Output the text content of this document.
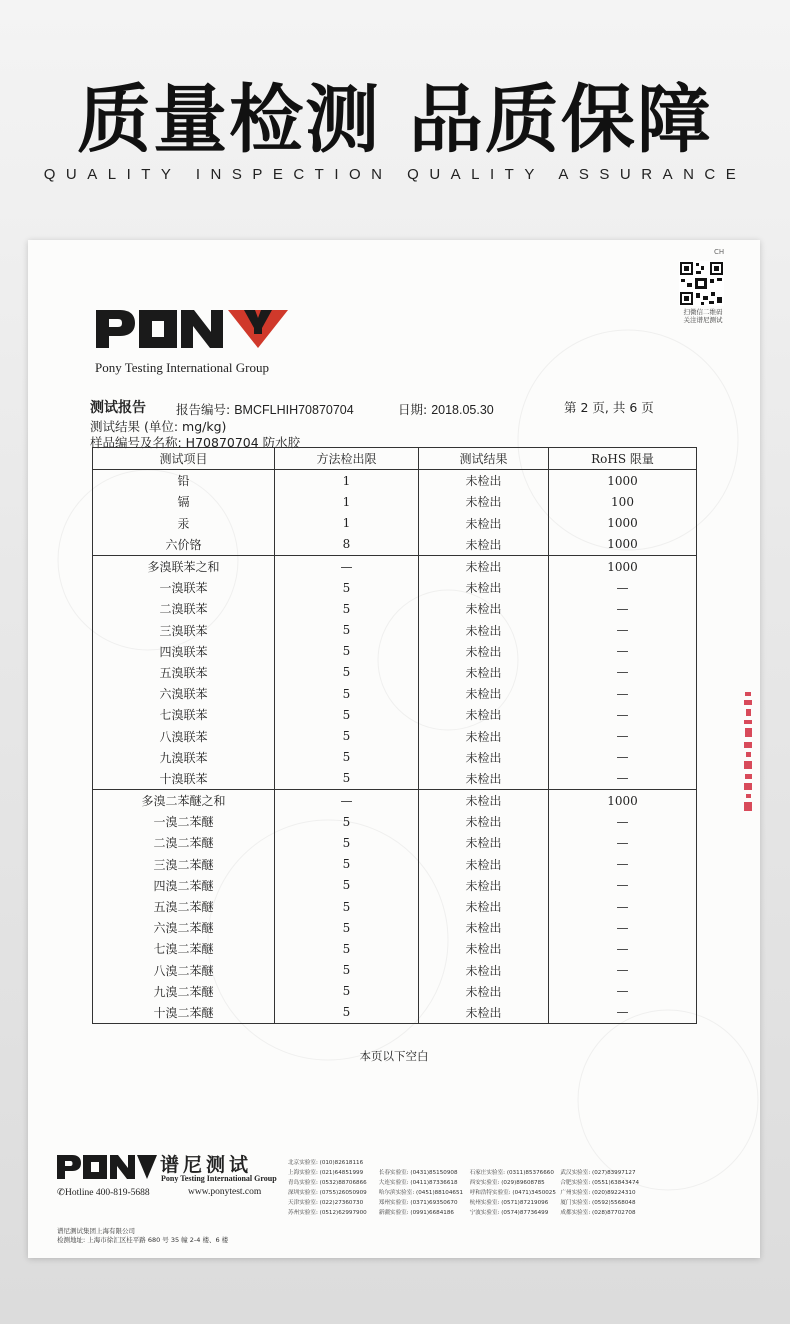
质量检测 品质保障
QUALITY INSPECTION QUALITY ASSURANCE
CH
扫微信二维码
关注谱尼测试
Pony Testing International Group
测试报告 报告编号: BMCFLHIH70870704	日期: 2018.05.30	第 2 页, 共 6 页
测试结果 (单位: mg/kg)
样品编号及名称: H70870704 防水胶
测试项目	方法检出限	测试结果	RoHS 限量
铅	1	未检出	1000
镉	1	未检出	100
汞	1	未检出	1000
六价铬	8	未检出	1000
多溴联苯之和	—	未检出	1000
一溴联苯	5	未检出	—
二溴联苯	5	未检出	—
三溴联苯	5	未检出	—
四溴联苯	5	未检出	—
五溴联苯	5	未检出	—
六溴联苯	5	未检出	—
七溴联苯	5	未检出	—
八溴联苯	5	未检出	—
九溴联苯	5	未检出	—
十溴联苯	5	未检出	—
多溴二苯醚之和	—	未检出	1000
一溴二苯醚	5	未检出	—
二溴二苯醚	5	未检出	—
三溴二苯醚	5	未检出	—
四溴二苯醚	5	未检出	—
五溴二苯醚	5	未检出	—
六溴二苯醚	5	未检出	—
七溴二苯醚	5	未检出	—
八溴二苯醚	5	未检出	—
九溴二苯醚	5	未检出	—
十溴二苯醚	5	未检出	—
本页以下空白
谱尼测试
Pony Testing International Group
✆Hotline 400-819-5688	www.ponytest.com
北京实验室: (010)82618116
上海实验室: (021)64851999	长春实验室: (0431)85150908	石家庄实验室: (0311)85376660	武汉实验室: (027)83997127
青岛实验室: (0532)88706866	大连实验室: (0411)87336618	西安实验室: (029)89608785	合肥实验室: (0551)63843474
深圳实验室: (0755)26050909	哈尔滨实验室: (0451)88104651	呼和浩特实验室: (0471)3450025 广州实验室: (020)89224310
天津实验室: (022)27360730	郑州实验室: (0371)69350670	杭州实验室: (0571)87219096	厦门实验室: (0592)5568048
苏州实验室: (0512)62997900	新疆实验室: (0991)6684186	宁波实验室: (0574)87736499	成都实验室: (028)87702708
谱尼测试集团上海有限公司
检测地址: 上海市徐汇区桂平路 680 号 35 幢 2-4 楼、6 楼
